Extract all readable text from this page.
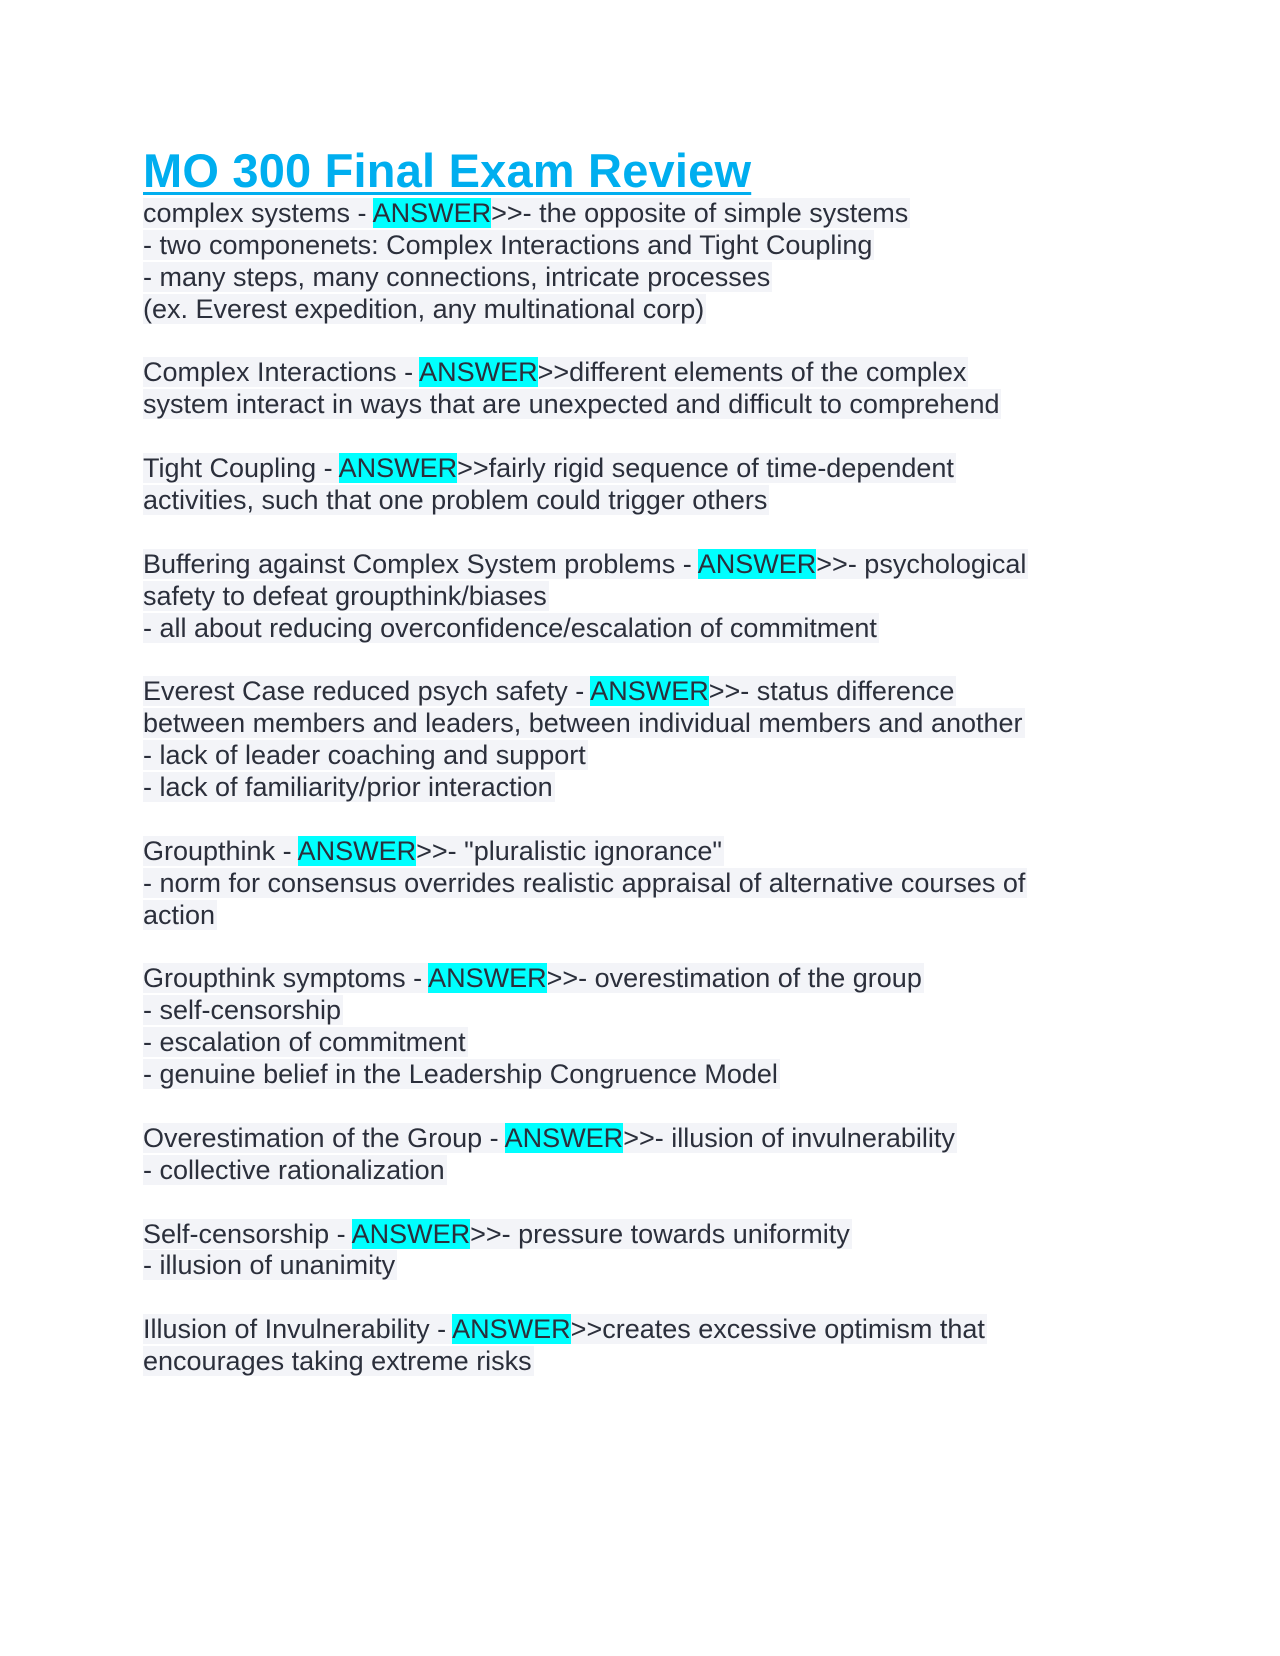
MO 300 Final Exam Review
complex systems - ANSWER>>- the opposite of simple systems
- two componenets: Complex Interactions and Tight Coupling
- many steps, many connections, intricate processes
(ex. Everest expedition, any multinational corp)
Complex Interactions - ANSWER>>different elements of the complex
system interact in ways that are unexpected and difficult to comprehend
Tight Coupling - ANSWER>>fairly rigid sequence of time-dependent
activities, such that one problem could trigger others
Buffering against Complex System problems - ANSWER>>- psychological
safety to defeat groupthink/biases
- all about reducing overconfidence/escalation of commitment
Everest Case reduced psych safety - ANSWER>>- status difference
between members and leaders, between individual members and another
- lack of leader coaching and support
- lack of familiarity/prior interaction
Groupthink - ANSWER>>- "pluralistic ignorance"
- norm for consensus overrides realistic appraisal of alternative courses of
action
Groupthink symptoms - ANSWER>>- overestimation of the group
- self-censorship
- escalation of commitment
- genuine belief in the Leadership Congruence Model
Overestimation of the Group - ANSWER>>- illusion of invulnerability
- collective rationalization
Self-censorship - ANSWER>>- pressure towards uniformity
- illusion of unanimity
Illusion of Invulnerability - ANSWER>>creates excessive optimism that
encourages taking extreme risks
